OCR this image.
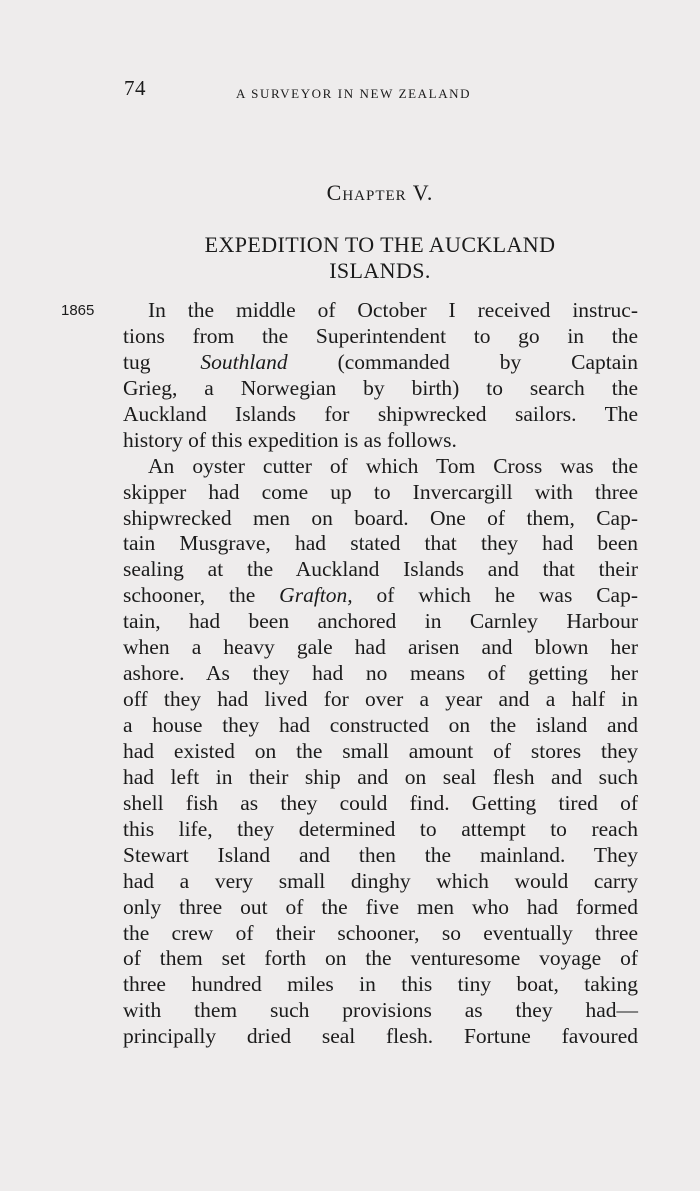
74	A SURVEYOR IN NEW ZEALAND
Chapter V.
EXPEDITION TO THE AUCKLAND
ISLANDS.
1865	In the middle of October I received instruc-
tions from the Superintendent to go in the
tug Southland (commanded by Captain
Grieg, a Norwegian by birth) to search the
Auckland Islands for shipwrecked sailors. The
history of this expedition is as follows.
An oyster cutter of which Tom Cross was the
skipper had come up to Invercargill with three
shipwrecked men on board. One of them, Cap-
tain Musgrave, had stated that they had been
sealing at the Auckland Islands and that their
schooner, the Grafton, of which he was Cap-
tain, had been anchored in Carnley Harbour
when a heavy gale had arisen and blown her
ashore. As they had no means of getting her
off they had lived for over a year and a half in
a house they had constructed on the island and
had existed on the small amount of stores they
had left in their ship and on seal flesh and such
shell fish as they could find. Getting tired of
this life, they determined to attempt to reach
Stewart Island and then the mainland. They
had a very small dinghy which would carry
only three out of the five men who had formed
the crew of their schooner, so eventually three
of them set forth on the venturesome voyage of
three hundred miles in this tiny boat, taking
with them such provisions as they had—
principally dried seal flesh. Fortune favoured
